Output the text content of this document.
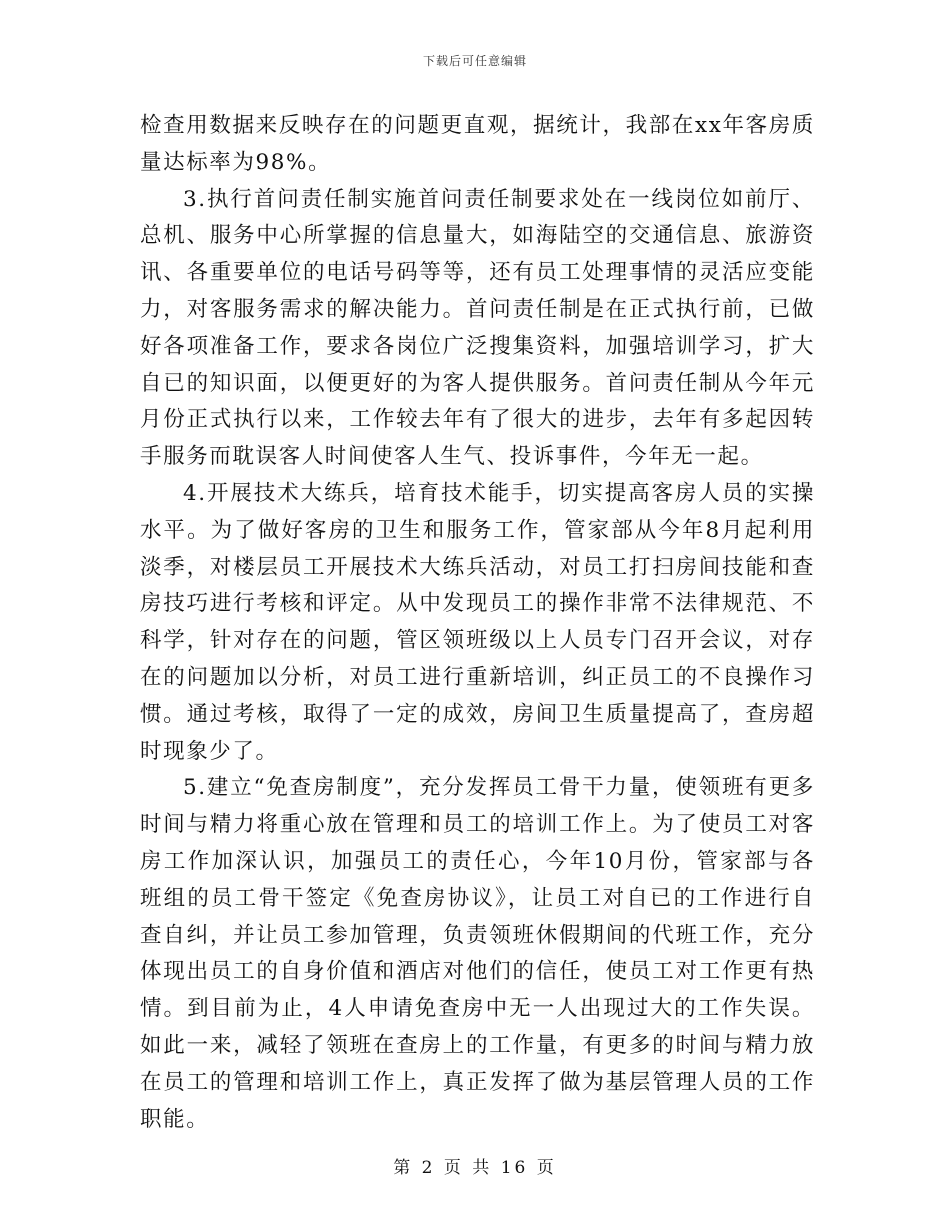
下载后可任意编辑

检查用数据来反映存在的问题更直观，据统计，我部在xx年客房质量达标率为98%。

3.执行首问责任制实施首问责任制要求处在一线岗位如前厅、总机、服务中心所掌握的信息量大，如海陆空的交通信息、旅游资讯、各重要单位的电话号码等等，还有员工处理事情的灵活应变能力，对客服务需求的解决能力。首问责任制是在正式执行前，已做好各项准备工作，要求各岗位广泛搜集资料，加强培训学习，扩大自已的知识面，以便更好的为客人提供服务。首问责任制从今年元月份正式执行以来，工作较去年有了很大的进步，去年有多起因转手服务而耽误客人时间使客人生气、投诉事件，今年无一起。

4.开展技术大练兵，培育技术能手，切实提高客房人员的实操水平。为了做好客房的卫生和服务工作，管家部从今年8月起利用淡季，对楼层员工开展技术大练兵活动，对员工打扫房间技能和查房技巧进行考核和评定。从中发现员工的操作非常不法律规范、不科学，针对存在的问题，管区领班级以上人员专门召开会议，对存在的问题加以分析，对员工进行重新培训，纠正员工的不良操作习惯。通过考核，取得了一定的成效，房间卫生质量提高了，查房超时现象少了。

5.建立“免查房制度”，充分发挥员工骨干力量，使领班有更多时间与精力将重心放在管理和员工的培训工作上。为了使员工对客房工作加深认识，加强员工的责任心，今年10月份，管家部与各班组的员工骨干签定《免查房协议》，让员工对自已的工作进行自查自纠，并让员工参加管理，负责领班休假期间的代班工作，充分体现出员工的自身价值和酒店对他们的信任，使员工对工作更有热情。到目前为止，4人申请免查房中无一人出现过大的工作失误。如此一来，减轻了领班在查房上的工作量，有更多的时间与精力放在员工的管理和培训工作上，真正发挥了做为基层管理人员的工作职能。

第 2 页 共 16 页
